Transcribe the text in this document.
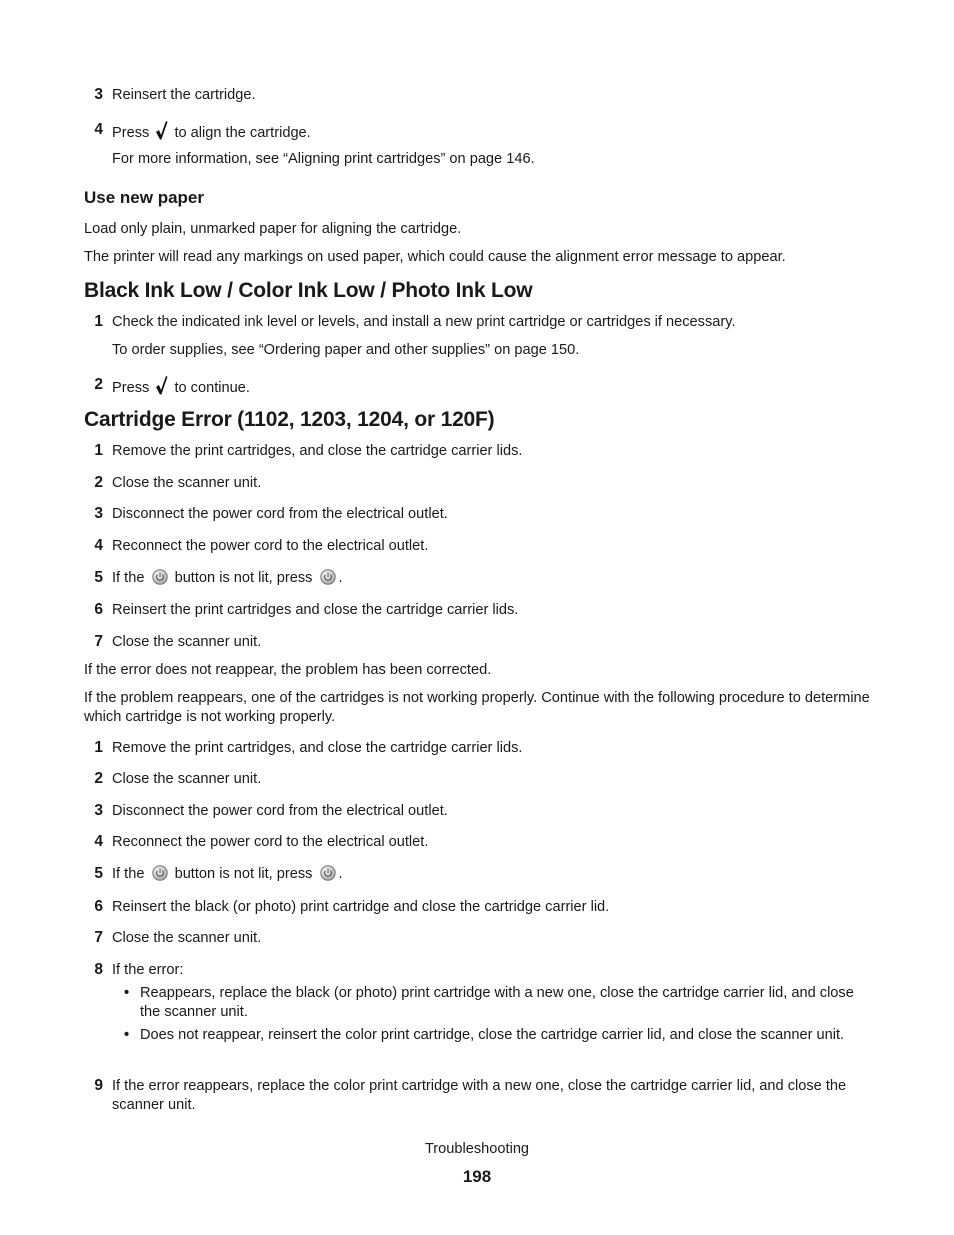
3 Reinsert the cartridge.
4 Press to align the cartridge.
For more information, see “Aligning print cartridges” on page 146.
Use new paper
Load only plain, unmarked paper for aligning the cartridge.
The printer will read any markings on used paper, which could cause the alignment error message to appear.
Black Ink Low / Color Ink Low / Photo Ink Low
1 Check the indicated ink level or levels, and install a new print cartridge or cartridges if necessary.
To order supplies, see “Ordering paper and other supplies” on page 150.
2 Press to continue.
Cartridge Error (1102, 1203, 1204, or 120F)
1 Remove the print cartridges, and close the cartridge carrier lids.
2 Close the scanner unit.
3 Disconnect the power cord from the electrical outlet.
4 Reconnect the power cord to the electrical outlet.
5 If the button is not lit, press .
6 Reinsert the print cartridges and close the cartridge carrier lids.
7 Close the scanner unit.
If the error does not reappear, the problem has been corrected.
If the problem reappears, one of the cartridges is not working properly. Continue with the following procedure to determine which cartridge is not working properly.
1 Remove the print cartridges, and close the cartridge carrier lids.
2 Close the scanner unit.
3 Disconnect the power cord from the electrical outlet.
4 Reconnect the power cord to the electrical outlet.
5 If the button is not lit, press .
6 Reinsert the black (or photo) print cartridge and close the cartridge carrier lid.
7 Close the scanner unit.
8 If the error:
• Reappears, replace the black (or photo) print cartridge with a new one, close the cartridge carrier lid, and close the scanner unit.
• Does not reappear, reinsert the color print cartridge, close the cartridge carrier lid, and close the scanner unit.
9 If the error reappears, replace the color print cartridge with a new one, close the cartridge carrier lid, and close the scanner unit.
Troubleshooting
198
